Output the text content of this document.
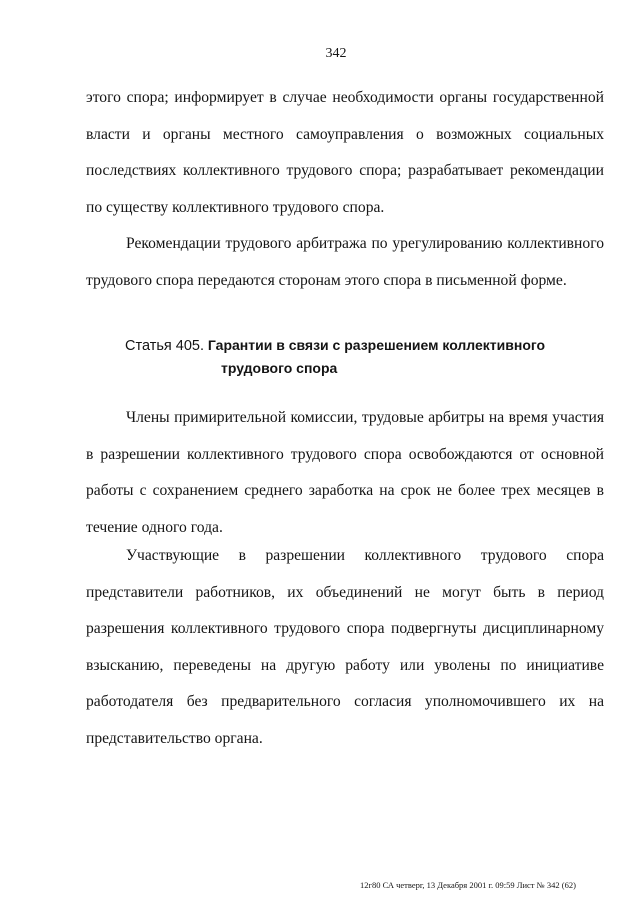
342

этого спора; информирует в случае необходимости органы государственной власти и органы местного самоуправления о возможных социальных последствиях коллективного трудового спора; разрабатывает рекомендации по существу коллективного трудового спора.

Рекомендации трудового арбитража по урегулированию коллективного трудового спора передаются сторонам этого спора в письменной форме.

Статья 405. Гарантии в связи с разрешением коллективного
трудового спора

Члены примирительной комиссии, трудовые арбитры на время участия в разрешении коллективного трудового спора освобождаются от основной работы с сохранением среднего заработка на срок не более трех месяцев в течение одного года.

Участвующие в разрешении коллективного трудового спора представители работников, их объединений не могут быть в период разрешения коллективного трудового спора подвергнуты дисциплинарному взысканию, переведены на другую работу или уволены по инициативе работодателя без предварительного согласия уполномочившего их на представительство органа.

12г80 СА четверг, 13 Декабря 2001 г. 09:59 Лист № 342 (62)
